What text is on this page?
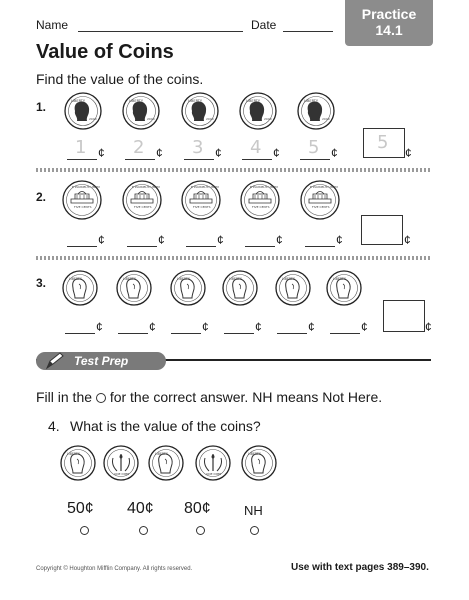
Name	Date
Practice
14.1
Value of Coins
Find the value of the coins.
1.
1 ¢ 2 ¢ 3 ¢ 4 ¢ 5 ¢ 5 ¢
2.
¢	¢	¢	¢	¢	¢
3.
¢	¢	¢	¢	¢	¢	¢
Test Prep
Fill in the for the correct answer. NH means Not Here.
4. What is the value of the coins?
50¢ 40¢ 80¢	NH
Copyright © Houghton Mifflin Company. All rights reserved.	Use with text pages 389–390.
